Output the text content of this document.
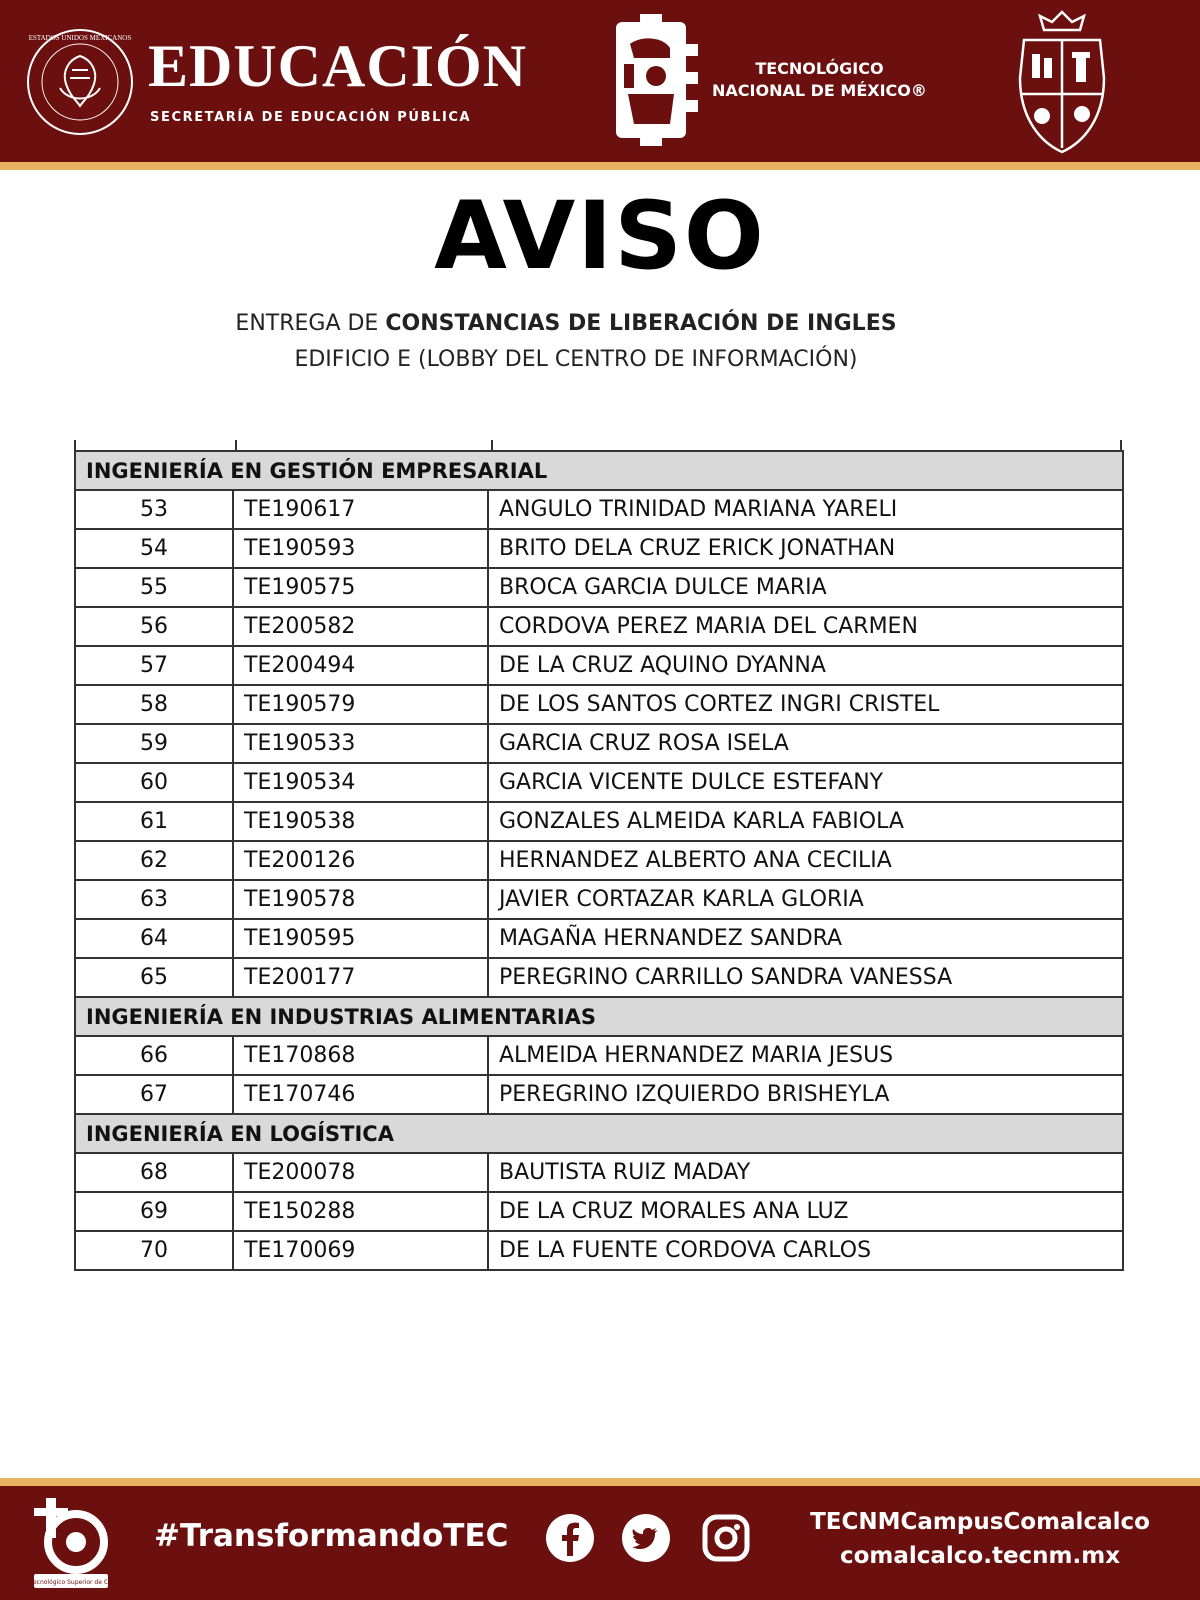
ESTADOS UNIDOS MEXICANOS EDUCACIÓN
SECRETARÍA DE EDUCACIÓN PÚBLICA
TECNOLÓGICO
NACIONAL DE MÉXICO®
AVISO
ENTREGA DE CONSTANCIAS DE LIBERACIÓN DE INGLES
EDIFICIO E (LOBBY DEL CENTRO DE INFORMACIÓN)
INGENIERÍA EN GESTIÓN EMPRESARIAL		
53	TE190617	ANGULO TRINIDAD MARIANA YARELI
54	TE190593	BRITO DELA CRUZ ERICK JONATHAN
55	TE190575	BROCA GARCIA DULCE MARIA
56	TE200582	CORDOVA PEREZ MARIA DEL CARMEN
57	TE200494	DE LA CRUZ AQUINO DYANNA
58	TE190579	DE LOS SANTOS CORTEZ INGRI CRISTEL
59	TE190533	GARCIA CRUZ ROSA ISELA
60	TE190534	GARCIA VICENTE DULCE ESTEFANY
61	TE190538	GONZALES ALMEIDA KARLA FABIOLA
62	TE200126	HERNANDEZ ALBERTO ANA CECILIA
63	TE190578	JAVIER CORTAZAR KARLA GLORIA
64	TE190595	MAGAÑA HERNANDEZ SANDRA
65	TE200177	PEREGRINO CARRILLO SANDRA VANESSA
INGENIERÍA EN INDUSTRIAS ALIMENTARIAS		
66	TE170868	ALMEIDA HERNANDEZ MARIA JESUS
67	TE170746	PEREGRINO IZQUIERDO BRISHEYLA
INGENIERÍA EN LOGÍSTICA		
68	TE200078	BAUTISTA RUIZ MADAY
69	TE150288	DE LA CRUZ MORALES ANA LUZ
70	TE170069	DE LA FUENTE CORDOVA CARLOS
Instituto Tecnológico Superior de Comalcalco
#TransformandoTEC	TECNMCampusComalcalco
comalcalco.tecnm.mx
